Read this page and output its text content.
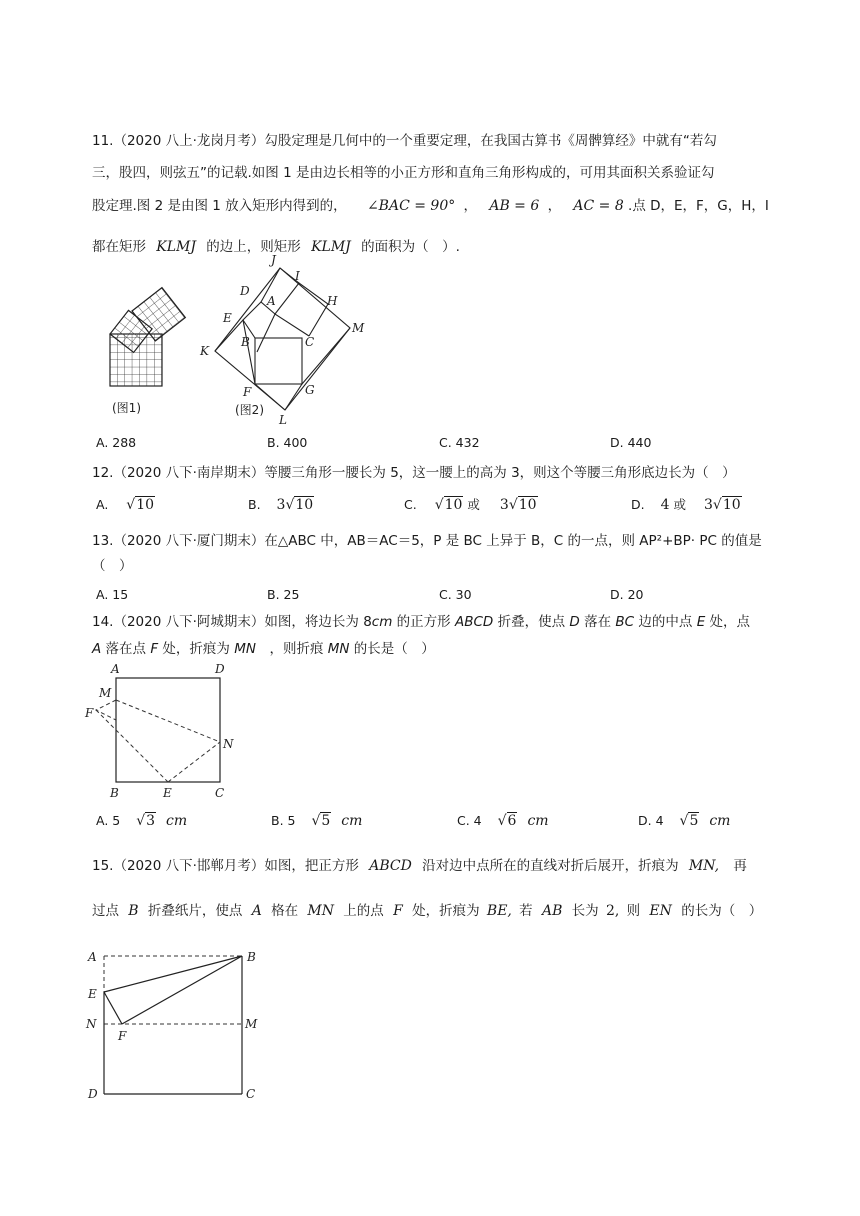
11.（2020 八上·龙岗月考）勾股定理是几何中的一个重要定理，在我国古算书《周髀算经》中就有“若勾
三，股四，则弦五”的记载.如图 1 是由边长相等的小正方形和直角三角形构成的，可用其面积关系验证勾
股定理.图 2 是由图 1 放入矩形内得到的， ∠BAC = 90° ， AB = 6 ， AC = 8 .点 D，E，F，G，H，I
都在矩形 KLMJ 的边上，则矩形 KLMJ 的面积为（　）.
(图1)
J
I
D
A	H
E
M
B	C
K
F	G
L
(图2)
A. 288	B. 400	C. 432	D. 440
12.（2020 八下·南岸期末）等腰三角形一腰长为 5，这一腰上的高为 3，则这个等腰三角形底边长为（　）
A. √10	B. 3√10	C. √10 或 3√10	D. 4 或 3√10
13.（2020 八下·厦门期末）在△ABC 中，AB＝AC＝5，P 是 BC 上异于 B，C 的一点，则 AP²+BP· PC 的值是
（　）
A. 15	B. 25	C. 30	D. 20
14.（2020 八下·阿城期末）如图，将边长为 8cm 的正方形 ABCD 折叠，使点 D 落在 BC 边的中点 E 处，点
A 落在点 F 处，折痕为 MN　，则折痕 MN 的长是（　）
A	D
M
F
N
B	E	C
A. 5 √3 cm	B. 5 √5 cm	C. 4 √6 cm	D. 4 √5 cm
15.（2020 八下·邯郸月考）如图，把正方形 ABCD 沿对边中点所在的直线对折后展开，折痕为 MN, 再
过点 B 折叠纸片，使点 A 格在 MN 上的点 F 处，折痕为 BE, 若 AB 长为 2, 则 EN 的长为（　）
A	B
E
N	M
F
D	C
